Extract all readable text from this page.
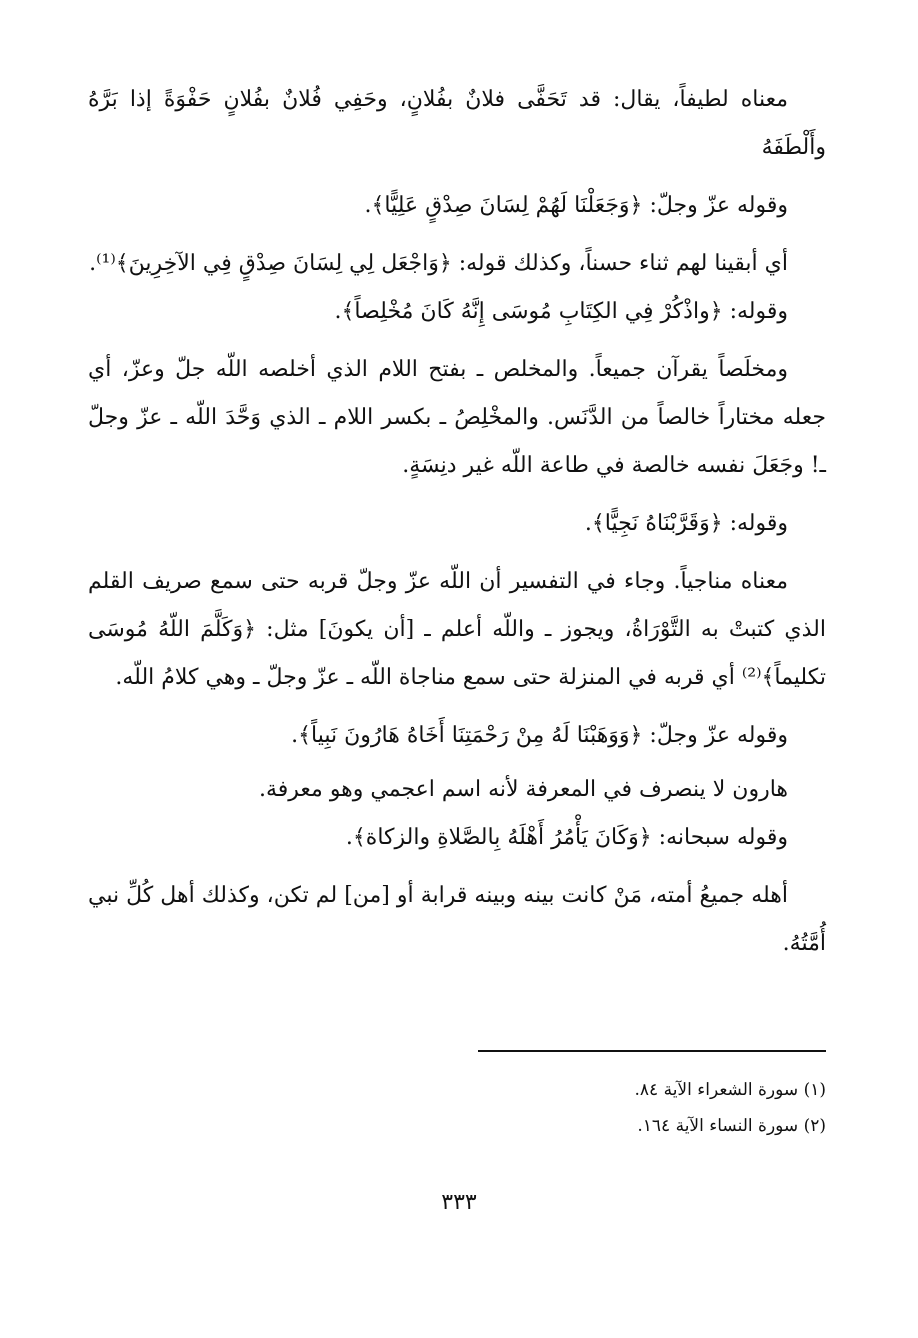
معناه لطيفاً، يقال: قد تَحَفَّى فلانٌ بفُلانٍ، وحَفِي فُلانٌ بفُلانٍ حَفْوَةً إذا بَرَّهُ وأَلْطَفَهُ

وقوله عزّ وجلّ: ﴿وَجَعَلْنَا لَهُمْ لِسَانَ صِدْقٍ عَلِيًّا﴾.

أي أبقينا لهم ثناء حسناً، وكذلك قوله: ﴿وَاجْعَل لِي لِسَانَ صِدْقٍ فِي الآخِرِينَ﴾⁽¹⁾.

وقوله: ﴿واذْكُرْ فِي الكِتَابِ مُوسَى إِنَّهُ كَانَ مُخْلِصاً﴾.

ومخلَصاً يقرآن جميعاً. والمخلص ـ بفتح اللام الذي أخلصه اللّه جلّ وعزّ، أي جعله مختاراً خالصاً من الدَّنَس. والمخْلِصُ ـ بكسر اللام ـ الذي وَحَّدَ اللّه ـ عزّ وجلّ ـ! وجَعَلَ نفسه خالصة في طاعة اللّه غير دنِسَةٍ.

وقوله: ﴿وَقَرَّبْنَاهُ نَجِيًّا﴾.

معناه مناجياً. وجاء في التفسير أن اللّه عزّ وجلّ قربه حتى سمع صريف القلم الذي كتبتْ به التَّوْرَاةُ، ويجوز ـ واللّه أعلم ـ [أن يكونَ] مثل: ﴿وَكَلَّمَ اللّهُ مُوسَى تكليماً﴾⁽²⁾ أي قربه في المنزلة حتى سمع مناجاة اللّه ـ عزّ وجلّ ـ وهي كلامُ اللّه.

وقوله عزّ وجلّ: ﴿وَوَهَبْنَا لَهُ مِنْ رَحْمَتِنَا أَخَاهُ هَارُونَ نَبِياً﴾.

هارون لا ينصرف في المعرفة لأنه اسم اعجمي وهو معرفة.

وقوله سبحانه: ﴿وَكَانَ يَأْمُرُ أَهْلَهُ بِالصَّلاةِ والزكاة﴾.

أهله جميعُ أمته، مَنْ كانت بينه وبينه قرابة أو [من] لم تكن، وكذلك أهل كُلِّ نبي أُمَّتُهُ.

(١) سورة الشعراء الآية ٨٤.
(٢) سورة النساء الآية ١٦٤.
٣٣٣
